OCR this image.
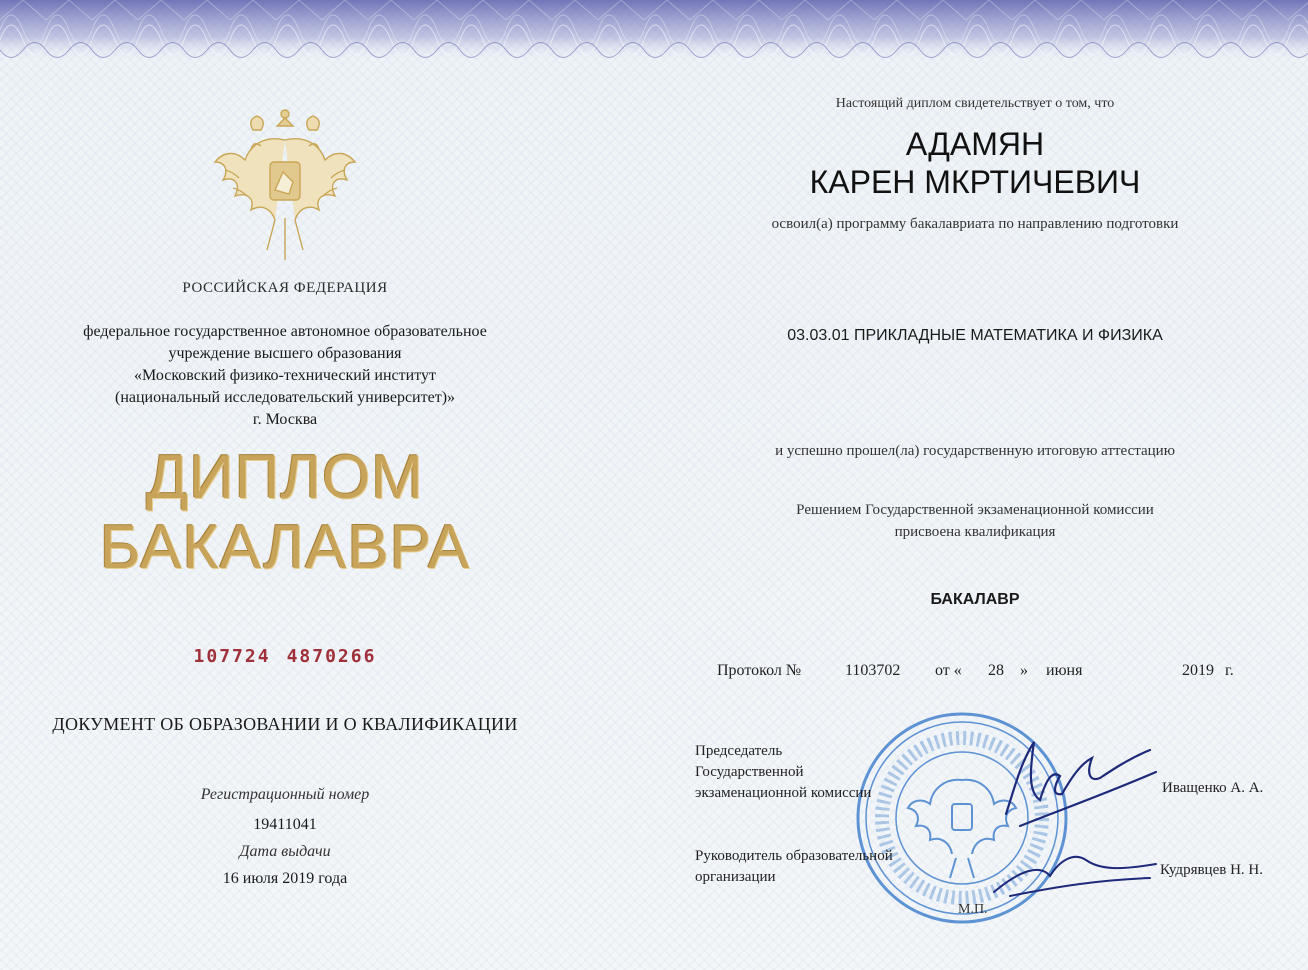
РОССИЙСКАЯ ФЕДЕРАЦИЯ
федеральное государственное автономное образовательное
учреждение высшего образования
«Московский физико-технический институт
(национальный исследовательский университет)»
г. Москва
ДИПЛОМ
БАКАЛАВРА
107724 4870266
ДОКУМЕНТ ОБ ОБРАЗОВАНИИ И О КВАЛИФИКАЦИИ
Регистрационный номер
19411041
Дата выдачи
16 июля 2019 года
Настоящий диплом свидетельствует о том, что
АДАМЯН
КАРЕН МКРТИЧЕВИЧ
освоил(а) программу бакалавриата по направлению подготовки
03.03.01 ПРИКЛАДНЫЕ МАТЕМАТИКА И ФИЗИКА
и успешно прошел(ла) государственную итоговую аттестацию
Решением Государственной экзаменационной комиссии
присвоена квалификация
БАКАЛАВР
Протокол №	1103702 от « 28 » июня	2019 г.
Председатель
Государственной
экзаменационной комиссии	Иващенко А. А.
Руководитель образовательной
организации	Кудрявцев Н. Н.
М.П.
